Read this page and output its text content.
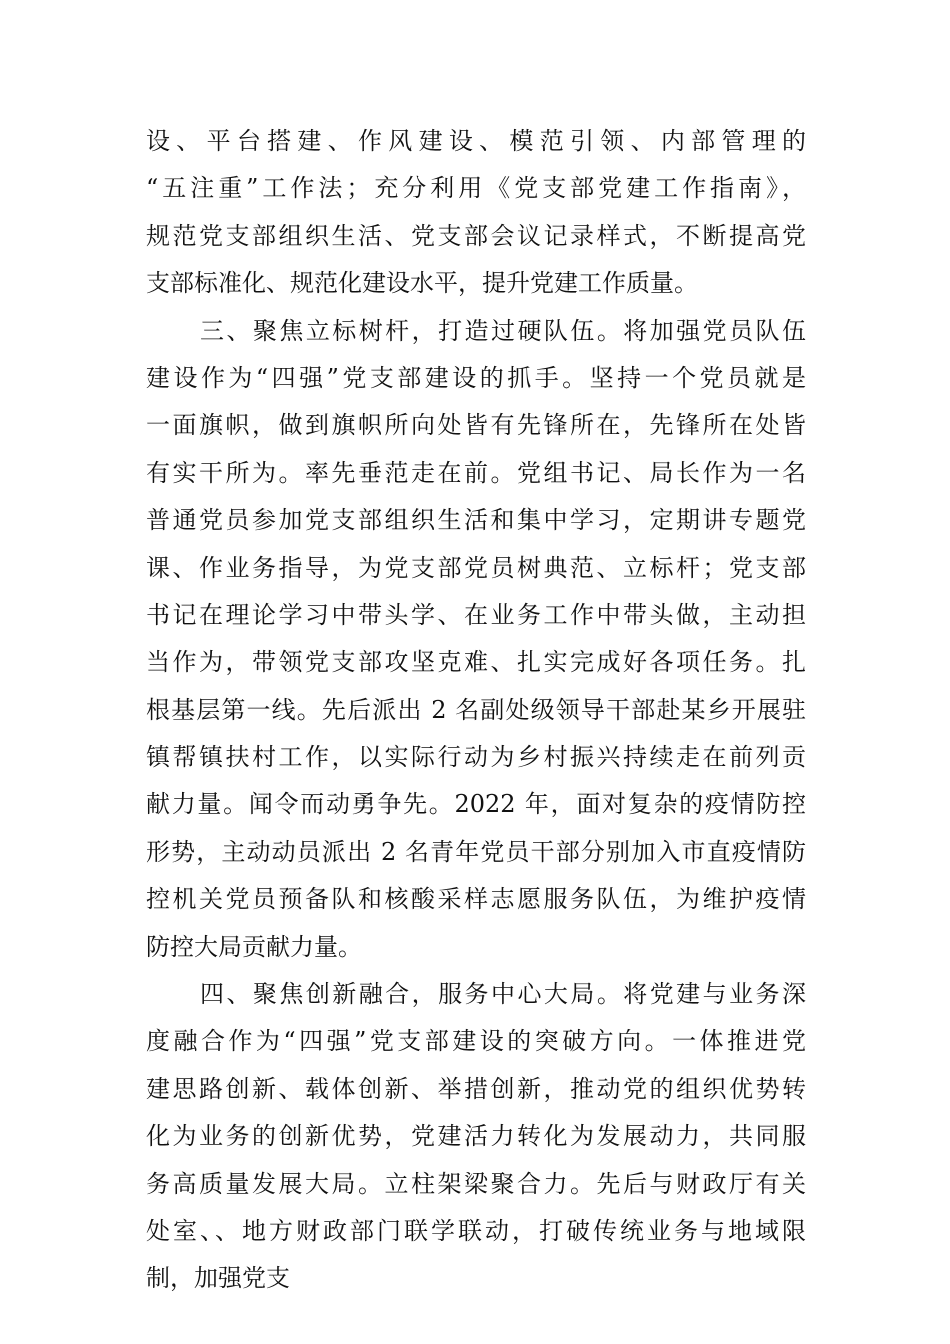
设、平台搭建、作风建设、模范引领、内部管理的
“五注重”工作法；充分利用《党支部党建工作指南》，
规范党支部组织生活、党支部会议记录样式，不断提高党
支部标准化、规范化建设水平，提升党建工作质量。
三、聚焦立标树杆，打造过硬队伍。将加强党员队伍
建设作为“四强”党支部建设的抓手。坚持一个党员就是
一面旗帜，做到旗帜所向处皆有先锋所在，先锋所在处皆
有实干所为。率先垂范走在前。党组书记、局长作为一名
普通党员参加党支部组织生活和集中学习，定期讲专题党
课、作业务指导，为党支部党员树典范、立标杆；党支部
书记在理论学习中带头学、在业务工作中带头做，主动担
当作为，带领党支部攻坚克难、扎实完成好各项任务。扎
根基层第一线。先后派出 2 名副处级领导干部赴某乡开展驻
镇帮镇扶村工作，以实际行动为乡村振兴持续走在前列贡
献力量。闻令而动勇争先。2022 年，面对复杂的疫情防控
形势，主动动员派出 2 名青年党员干部分别加入市直疫情防
控机关党员预备队和核酸采样志愿服务队伍，为维护疫情
防控大局贡献力量。
四、聚焦创新融合，服务中心大局。将党建与业务深
度融合作为“四强”党支部建设的突破方向。一体推进党
建思路创新、载体创新、举措创新，推动党的组织优势转
化为业务的创新优势，党建活力转化为发展动力，共同服
务高质量发展大局。立柱架梁聚合力。先后与财政厅有关
处室、、地方财政部门联学联动，打破传统业务与地域限
制，加强党支
